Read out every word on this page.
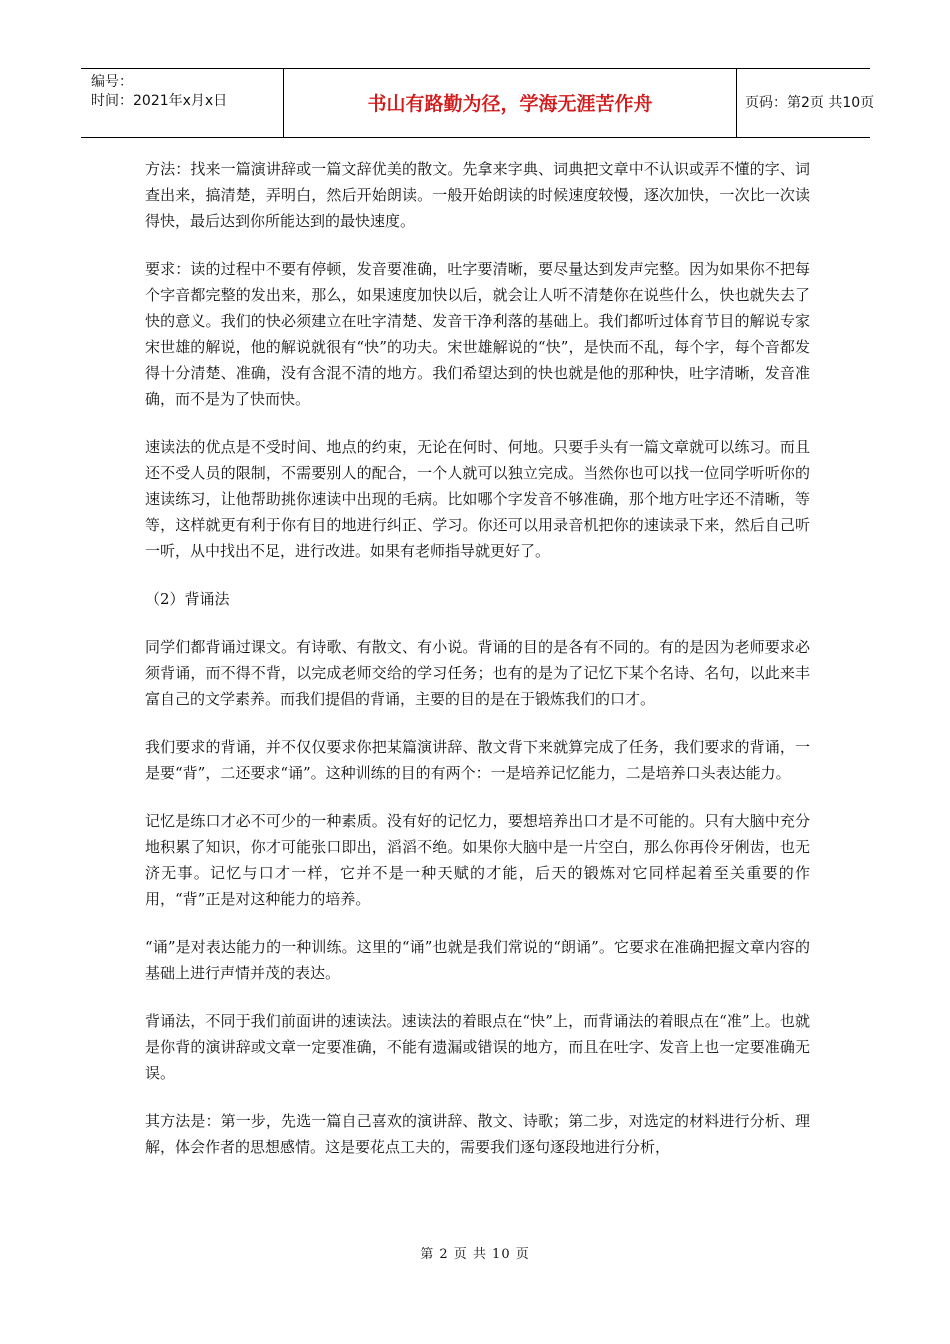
编号：
时间：2021年x月x日	书山有路勤为径，学海无涯苦作舟	页码：第2页 共10页

方法：找来一篇演讲辞或一篇文辞优美的散文。先拿来字典、词典把文章中不认识或弄不懂的字、词查出来，搞清楚，弄明白，然后开始朗读。一般开始朗读的时候速度较慢，逐次加快，一次比一次读得快，最后达到你所能达到的最快速度。

要求：读的过程中不要有停顿，发音要准确，吐字要清晰，要尽量达到发声完整。因为如果你不把每个字音都完整的发出来，那么，如果速度加快以后，就会让人听不清楚你在说些什么，快也就失去了快的意义。我们的快必须建立在吐字清楚、发音干净利落的基础上。我们都听过体育节目的解说专家宋世雄的解说，他的解说就很有“快”的功夫。宋世雄解说的“快”，是快而不乱，每个字，每个音都发得十分清楚、准确，没有含混不清的地方。我们希望达到的快也就是他的那种快，吐字清晰，发音准确，而不是为了快而快。

速读法的优点是不受时间、地点的约束，无论在何时、何地。只要手头有一篇文章就可以练习。而且还不受人员的限制，不需要别人的配合，一个人就可以独立完成。当然你也可以找一位同学听听你的速读练习，让他帮助挑你速读中出现的毛病。比如哪个字发音不够准确，那个地方吐字还不清晰，等等，这样就更有利于你有目的地进行纠正、学习。你还可以用录音机把你的速读录下来，然后自己听一听，从中找出不足，进行改进。如果有老师指导就更好了。

（2）背诵法

同学们都背诵过课文。有诗歌、有散文、有小说。背诵的目的是各有不同的。有的是因为老师要求必须背诵，而不得不背，以完成老师交给的学习任务；也有的是为了记忆下某个名诗、名句，以此来丰富自己的文学素养。而我们提倡的背诵，主要的目的是在于锻炼我们的口才。

我们要求的背诵，并不仅仅要求你把某篇演讲辞、散文背下来就算完成了任务，我们要求的背诵，一是要“背”，二还要求“诵”。这种训练的目的有两个：一是培养记忆能力，二是培养口头表达能力。

记忆是练口才必不可少的一种素质。没有好的记忆力，要想培养出口才是不可能的。只有大脑中充分地积累了知识，你才可能张口即出，滔滔不绝。如果你大脑中是一片空白，那么你再伶牙俐齿，也无济无事。记忆与口才一样，它并不是一种天赋的才能，后天的锻炼对它同样起着至关重要的作用，“背”正是对这种能力的培养。

“诵”是对表达能力的一种训练。这里的“诵”也就是我们常说的“朗诵”。它要求在准确把握文章内容的基础上进行声情并茂的表达。

背诵法，不同于我们前面讲的速读法。速读法的着眼点在“快”上，而背诵法的着眼点在“准”上。也就是你背的演讲辞或文章一定要准确，不能有遗漏或错误的地方，而且在吐字、发音上也一定要准确无误。

其方法是：第一步，先选一篇自己喜欢的演讲辞、散文、诗歌；第二步，对选定的材料进行分析、理解，体会作者的思想感情。这是要花点工夫的，需要我们逐句逐段地进行分析，

第 2 页 共 10 页
